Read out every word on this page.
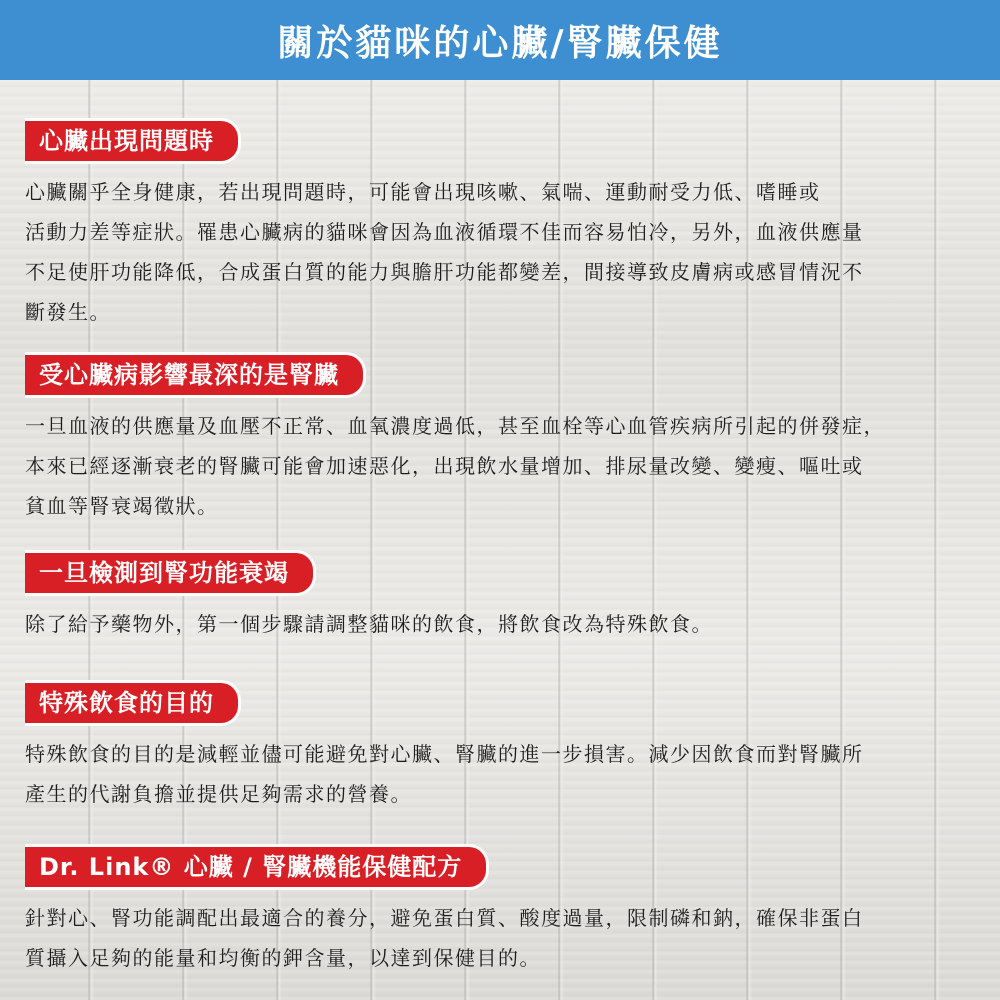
關於貓咪的心臟/腎臟保健
心臟出現問題時
心臟關乎全身健康，若出現問題時，可能會出現咳嗽、氣喘、運動耐受力低、嗜睡或
活動力差等症狀。罹患心臟病的貓咪會因為血液循環不佳而容易怕冷，另外，血液供應量
不足使肝功能降低，合成蛋白質的能力與膽肝功能都變差，間接導致皮膚病或感冒情況不
斷發生。
受心臟病影響最深的是腎臟
一旦血液的供應量及血壓不正常、血氧濃度過低，甚至血栓等心血管疾病所引起的併發症，
本來已經逐漸衰老的腎臟可能會加速惡化，出現飲水量增加、排尿量改變、變瘦、嘔吐或
貧血等腎衰竭徵狀。
一旦檢測到腎功能衰竭
除了給予藥物外，第一個步驟請調整貓咪的飲食，將飲食改為特殊飲食。
特殊飲食的目的
特殊飲食的目的是減輕並儘可能避免對心臟、腎臟的進一步損害。減少因飲食而對腎臟所
產生的代謝負擔並提供足夠需求的營養。
Dr. Link® 心臟 / 腎臟機能保健配方
針對心、腎功能調配出最適合的養分，避免蛋白質、酸度過量，限制磷和鈉，確保非蛋白
質攝入足夠的能量和均衡的鉀含量，以達到保健目的。
